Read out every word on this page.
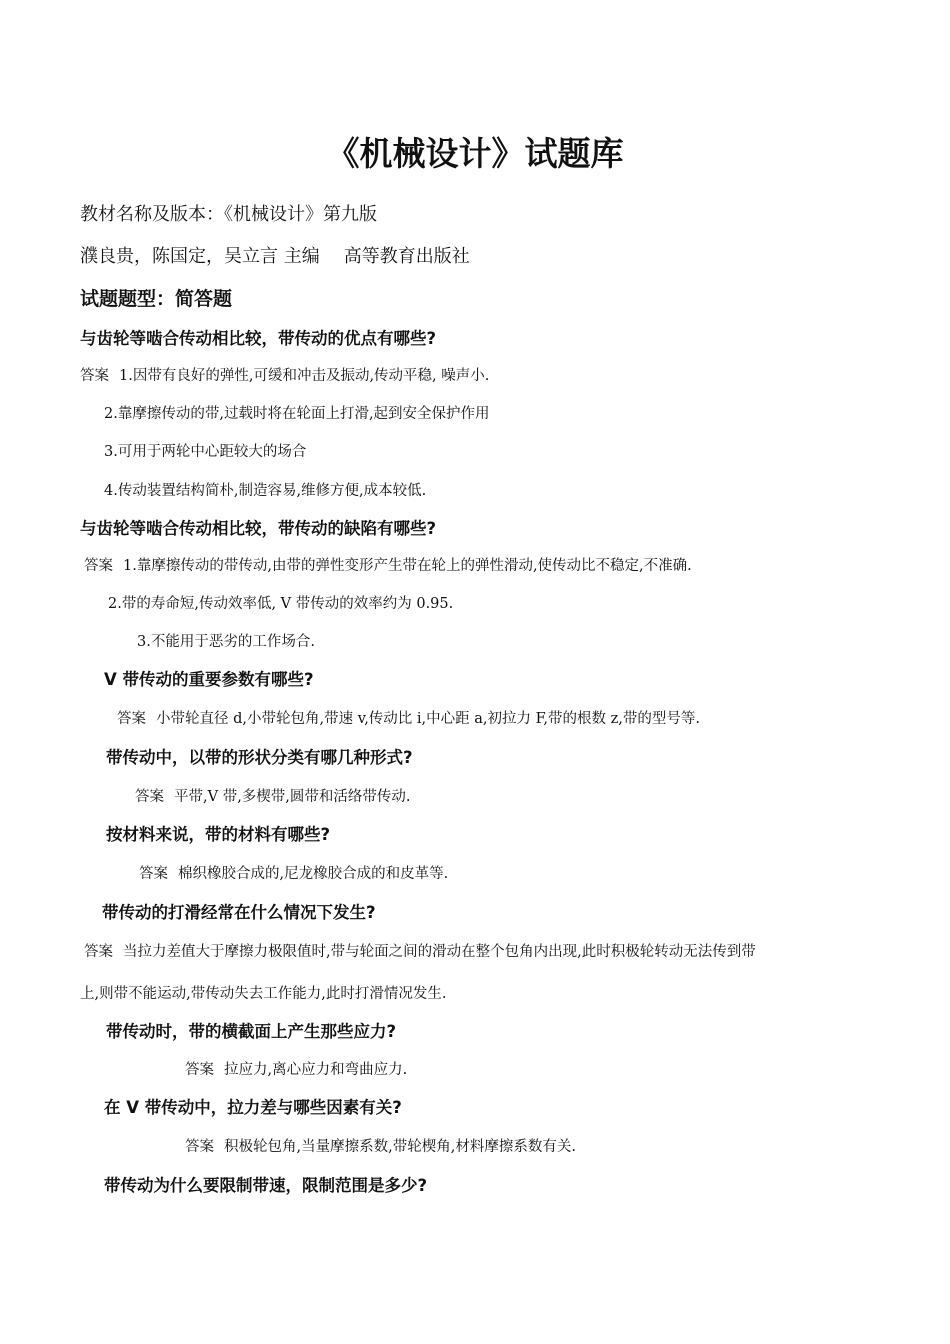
《机械设计》试题库
教材名称及版本：《机械设计》第九版
濮良贵，陈国定，吴立言 主编 高等教育出版社
试题题型：简答题
与齿轮等啮合传动相比较，带传动的优点有哪些?
答案 1.因带有良好的弹性,可缓和冲击及振动,传动平稳, 噪声小.
2.靠摩擦传动的带,过载时将在轮面上打滑,起到安全保护作用
3.可用于两轮中心距较大的场合
4.传动装置结构简朴,制造容易,维修方便,成本较低.
与齿轮等啮合传动相比较，带传动的缺陷有哪些?
答案 1.靠摩擦传动的带传动,由带的弹性变形产生带在轮上的弹性滑动,使传动比不稳定,不准确.
2.带的寿命短,传动效率低, V 带传动的效率约为 0.95.
3.不能用于恶劣的工作场合.
V 带传动的重要参数有哪些?
答案 小带轮直径 d,小带轮包角,带速 v,传动比 i,中心距 a,初拉力 F,带的根数 z,带的型号等.
带传动中，以带的形状分类有哪几种形式?
答案 平带,V 带,多楔带,圆带和活络带传动.
按材料来说，带的材料有哪些?
答案 棉织橡胶合成的,尼龙橡胶合成的和皮革等.
带传动的打滑经常在什么情况下发生?
答案 当拉力差值大于摩擦力极限值时,带与轮面之间的滑动在整个包角内出现,此时积极轮转动无法传到带
上,则带不能运动,带传动失去工作能力,此时打滑情况发生.
带传动时，带的横截面上产生那些应力?
答案 拉应力,离心应力和弯曲应力.
在 V 带传动中，拉力差与哪些因素有关?
答案 积极轮包角,当量摩擦系数,带轮楔角,材料摩擦系数有关.
带传动为什么要限制带速，限制范围是多少?
